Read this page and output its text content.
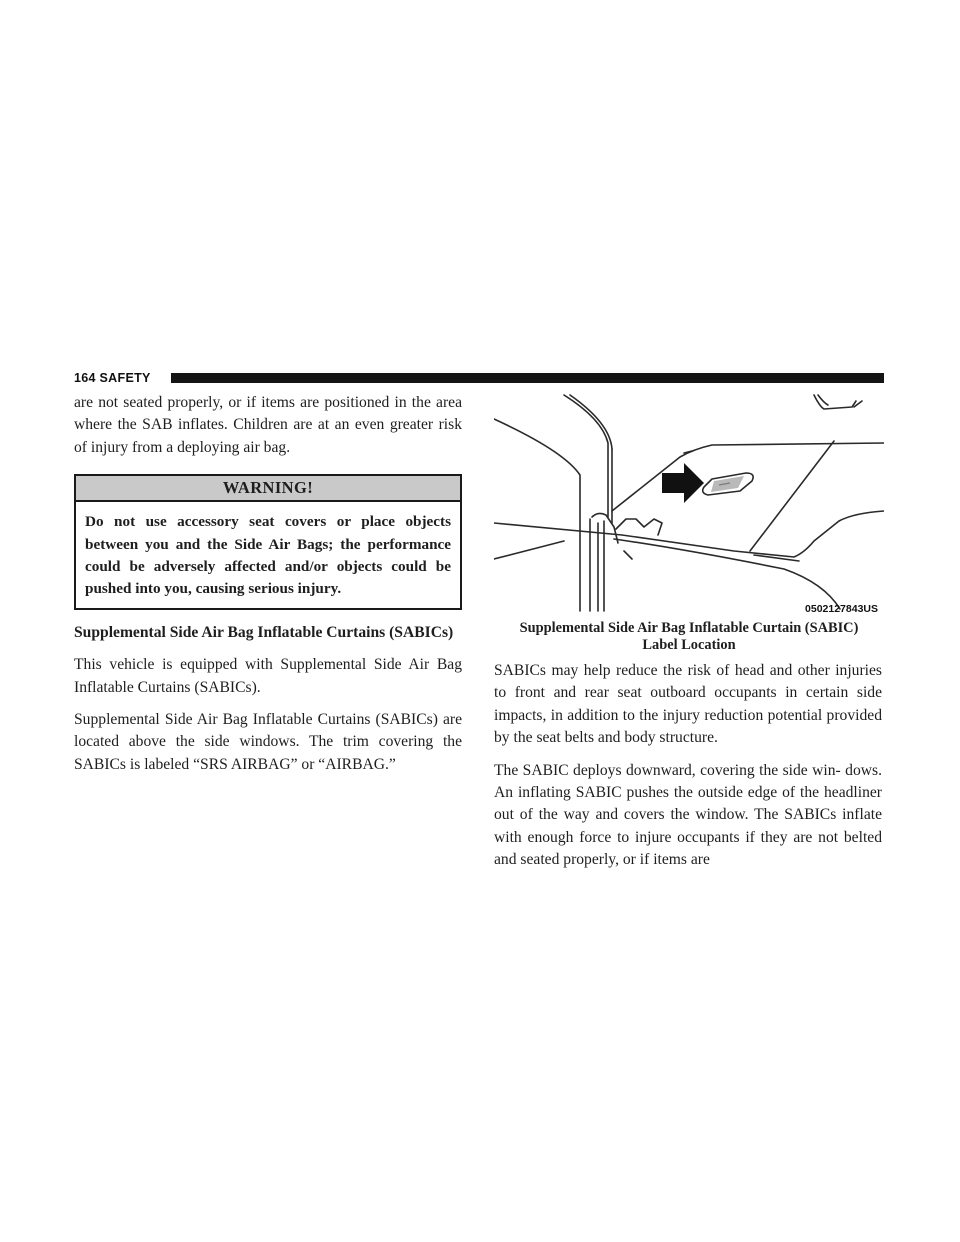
164 SAFETY

are not seated properly, or if items are positioned in the area where the SAB inflates. Children are at an even greater risk of injury from a deploying air bag.

WARNING!
Do not use accessory seat covers or place objects between you and the Side Air Bags; the performance could be adversely affected and/or objects could be pushed into you, causing serious injury.

Supplemental Side Air Bag Inflatable Curtains (SABICs)

This vehicle is equipped with Supplemental Side Air Bag Inflatable Curtains (SABICs).

Supplemental Side Air Bag Inflatable Curtains (SABICs) are located above the side windows. The trim covering the SABICs is labeled “SRS AIRBAG” or “AIRBAG.”

0502127843US
Supplemental Side Air Bag Inflatable Curtain (SABIC)
Label Location

SABICs may help reduce the risk of head and other injuries to front and rear seat outboard occupants in certain side impacts, in addition to the injury reduction potential provided by the seat belts and body structure.

The SABIC deploys downward, covering the side win- dows. An inflating SABIC pushes the outside edge of the headliner out of the way and covers the window. The SABICs inflate with enough force to injure occupants if they are not belted and seated properly, or if items are
